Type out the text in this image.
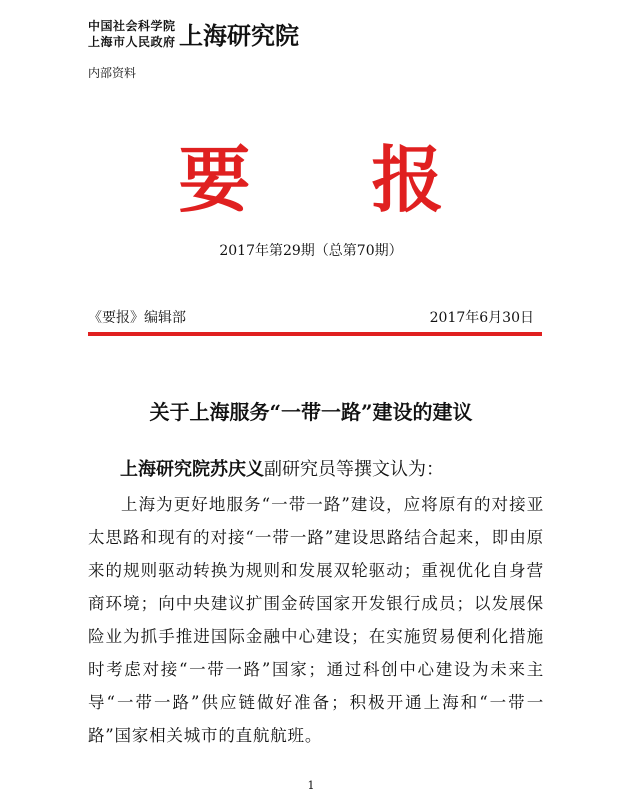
中国社会科学院
上海市人民政府 上海研究院
内部资料
要 报
2017年第29期（总第70期）
《要报》编辑部	2017年6月30日
关于上海服务“一带一路”建设的建议
上海研究院苏庆义副研究员等撰文认为：
上海为更好地服务“一带一路”建设，应将原有的对接亚太思路和现有的对接“一带一路”建设思路结合起来，即由原来的规则驱动转换为规则和发展双轮驱动；重视优化自身营商环境；向中央建议扩围金砖国家开发银行成员；以发展保险业为抓手推进国际金融中心建设；在实施贸易便利化措施时考虑对接“一带一路”国家；通过科创中心建设为未来主导“一带一路”供应链做好准备；积极开通上海和“一带一路”国家相关城市的直航航班。
1
